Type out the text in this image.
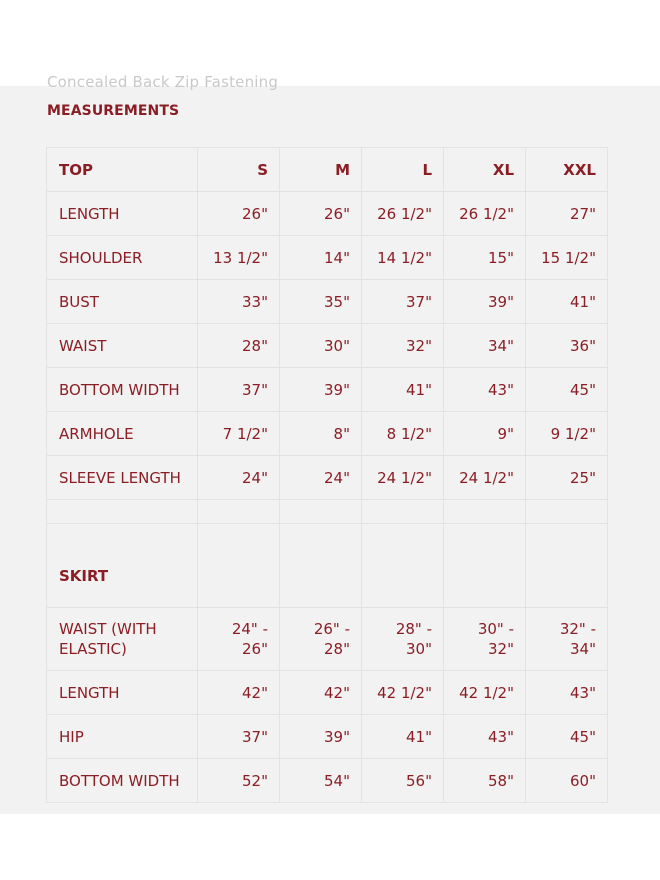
Concealed Back Zip Fastening
MEASUREMENTS
TOP	S	M	L	XL	XXL
LENGTH	26"	26"	26 1/2"	26 1/2"	27"
SHOULDER	13 1/2"	14"	14 1/2"	15"	15 1/2"
BUST	33"	35"	37"	39"	41"
WAIST	28"	30"	32"	34"	36"
BOTTOM WIDTH	37"	39"	41"	43"	45"
ARMHOLE	7 1/2"	8"	8 1/2"	9"	9 1/2"
SLEEVE LENGTH	24"	24"	24 1/2"	24 1/2"	25"

SKIRT					
WAIST (WITH ELASTIC)	24" - 26"	26" - 28"	28" - 30"	30" - 32"	32" - 34"
LENGTH	42"	42"	42 1/2"	42 1/2"	43"
HIP	37"	39"	41"	43"	45"
BOTTOM WIDTH	52"	54"	56"	58"	60"
